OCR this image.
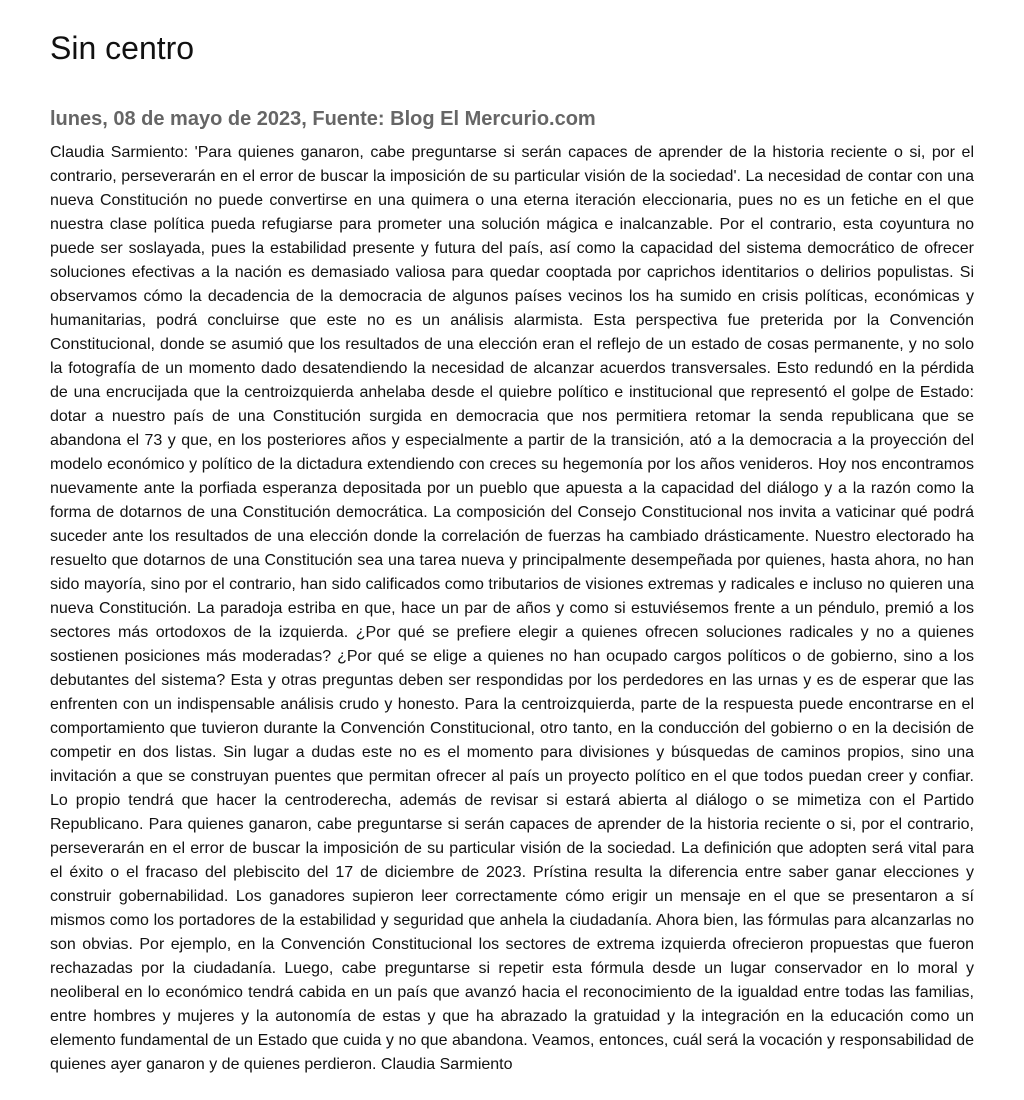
Sin centro
lunes, 08 de mayo de 2023, Fuente: Blog El Mercurio.com

Claudia Sarmiento: 'Para quienes ganaron, cabe preguntarse si serán capaces de aprender de la historia reciente o si, por el contrario, perseverarán en el error de buscar la imposición de su particular visión de la sociedad'. La necesidad de contar con una nueva Constitución no puede convertirse en una quimera o una eterna iteración eleccionaria, pues no es un fetiche en el que nuestra clase política pueda refugiarse para prometer una solución mágica e inalcanzable. Por el contrario, esta coyuntura no puede ser soslayada, pues la estabilidad presente y futura del país, así como la capacidad del sistema democrático de ofrecer soluciones efectivas a la nación es demasiado valiosa para quedar cooptada por caprichos identitarios o delirios populistas. Si observamos cómo la decadencia de la democracia de algunos países vecinos los ha sumido en crisis políticas, económicas y humanitarias, podrá concluirse que este no es un análisis alarmista. Esta perspectiva fue preterida por la Convención Constitucional, donde se asumió que los resultados de una elección eran el reflejo de un estado de cosas permanente, y no solo la fotografía de un momento dado desatendiendo la necesidad de alcanzar acuerdos transversales. Esto redundó en la pérdida de una encrucijada que la centroizquierda anhelaba desde el quiebre político e institucional que representó el golpe de Estado: dotar a nuestro país de una Constitución surgida en democracia que nos permitiera retomar la senda republicana que se abandona el 73 y que, en los posteriores años y especialmente a partir de la transición, ató a la democracia a la proyección del modelo económico y político de la dictadura extendiendo con creces su hegemonía por los años venideros. Hoy nos encontramos nuevamente ante la porfiada esperanza depositada por un pueblo que apuesta a la capacidad del diálogo y a la razón como la forma de dotarnos de una Constitución democrática. La composición del Consejo Constitucional nos invita a vaticinar qué podrá suceder ante los resultados de una elección donde la correlación de fuerzas ha cambiado drásticamente. Nuestro electorado ha resuelto que dotarnos de una Constitución sea una tarea nueva y principalmente desempeñada por quienes, hasta ahora, no han sido mayoría, sino por el contrario, han sido calificados como tributarios de visiones extremas y radicales e incluso no quieren una nueva Constitución. La paradoja estriba en que, hace un par de años y como si estuviésemos frente a un péndulo, premió a los sectores más ortodoxos de la izquierda. ¿Por qué se prefiere elegir a quienes ofrecen soluciones radicales y no a quienes sostienen posiciones más moderadas? ¿Por qué se elige a quienes no han ocupado cargos políticos o de gobierno, sino a los debutantes del sistema? Esta y otras preguntas deben ser respondidas por los perdedores en las urnas y es de esperar que las enfrenten con un indispensable análisis crudo y honesto. Para la centroizquierda, parte de la respuesta puede encontrarse en el comportamiento que tuvieron durante la Convención Constitucional, otro tanto, en la conducción del gobierno o en la decisión de competir en dos listas. Sin lugar a dudas este no es el momento para divisiones y búsquedas de caminos propios, sino una invitación a que se construyan puentes que permitan ofrecer al país un proyecto político en el que todos puedan creer y confiar. Lo propio tendrá que hacer la centroderecha, además de revisar si estará abierta al diálogo o se mimetiza con el Partido Republicano. Para quienes ganaron, cabe preguntarse si serán capaces de aprender de la historia reciente o si, por el contrario, perseverarán en el error de buscar la imposición de su particular visión de la sociedad. La definición que adopten será vital para el éxito o el fracaso del plebiscito del 17 de diciembre de 2023. Prístina resulta la diferencia entre saber ganar elecciones y construir gobernabilidad. Los ganadores supieron leer correctamente cómo erigir un mensaje en el que se presentaron a sí mismos como los portadores de la estabilidad y seguridad que anhela la ciudadanía. Ahora bien, las fórmulas para alcanzarlas no son obvias. Por ejemplo, en la Convención Constitucional los sectores de extrema izquierda ofrecieron propuestas que fueron rechazadas por la ciudadanía. Luego, cabe preguntarse si repetir esta fórmula desde un lugar conservador en lo moral y neoliberal en lo económico tendrá cabida en un país que avanzó hacia el reconocimiento de la igualdad entre todas las familias, entre hombres y mujeres y la autonomía de estas y que ha abrazado la gratuidad y la integración en la educación como un elemento fundamental de un Estado que cuida y no que abandona. Veamos, entonces, cuál será la vocación y responsabilidad de quienes ayer ganaron y de quienes perdieron. Claudia Sarmiento
